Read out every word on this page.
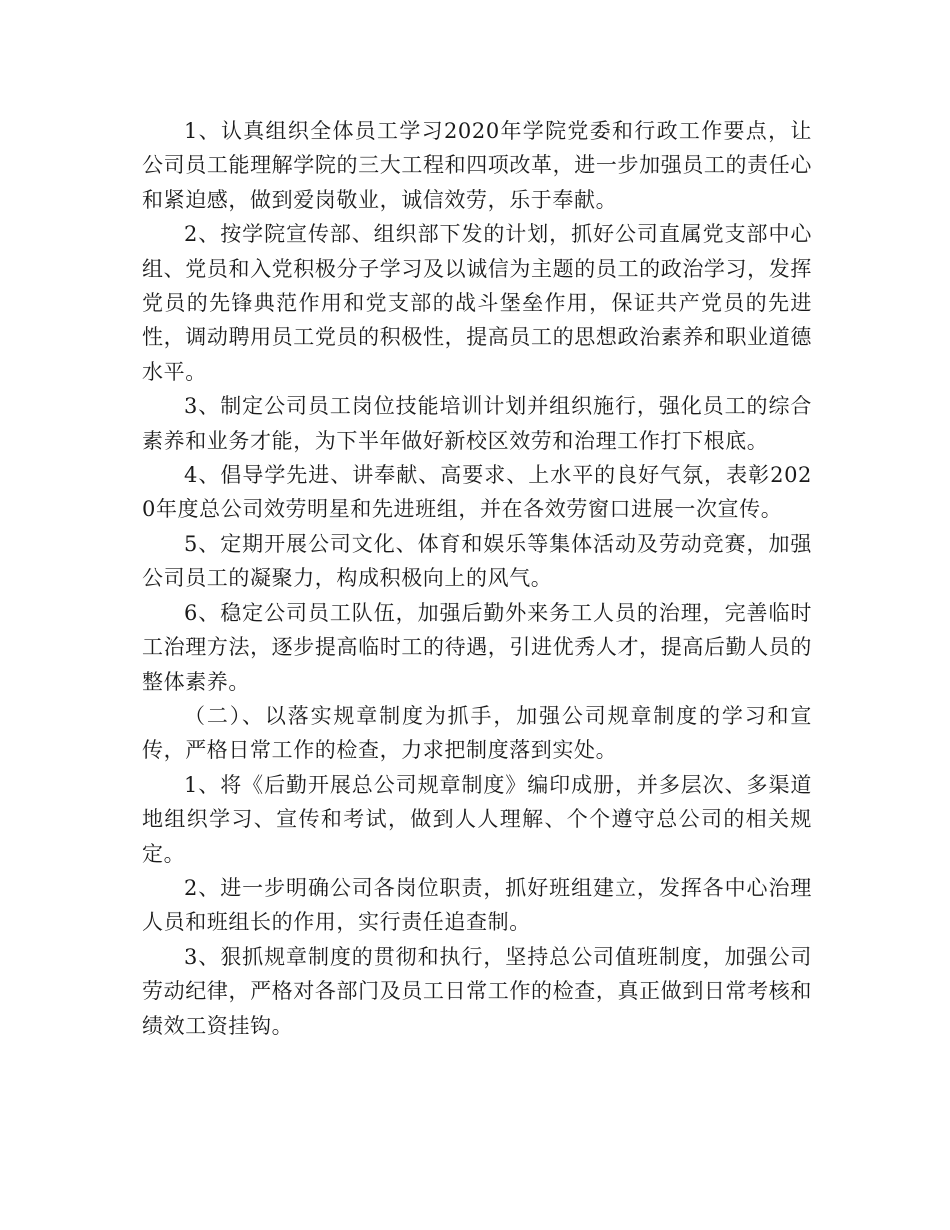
1、认真组织全体员工学习2020年学院党委和行政工作要点，让公司员工能理解学院的三大工程和四项改革，进一步加强员工的责任心和紧迫感，做到爱岗敬业，诚信效劳，乐于奉献。

2、按学院宣传部、组织部下发的计划，抓好公司直属党支部中心组、党员和入党积极分子学习及以诚信为主题的员工的政治学习，发挥党员的先锋典范作用和党支部的战斗堡垒作用，保证共产党员的先进性，调动聘用员工党员的积极性，提高员工的思想政治素养和职业道德水平。

3、制定公司员工岗位技能培训计划并组织施行，强化员工的综合素养和业务才能，为下半年做好新校区效劳和治理工作打下根底。

4、倡导学先进、讲奉献、高要求、上水平的良好气氛，表彰2020年度总公司效劳明星和先进班组，并在各效劳窗口进展一次宣传。

5、定期开展公司文化、体育和娱乐等集体活动及劳动竞赛，加强公司员工的凝聚力，构成积极向上的风气。

6、稳定公司员工队伍，加强后勤外来务工人员的治理，完善临时工治理方法，逐步提高临时工的待遇，引进优秀人才，提高后勤人员的整体素养。

（二）、以落实规章制度为抓手，加强公司规章制度的学习和宣传，严格日常工作的检查，力求把制度落到实处。

1、将《后勤开展总公司规章制度》编印成册，并多层次、多渠道地组织学习、宣传和考试，做到人人理解、个个遵守总公司的相关规定。

2、进一步明确公司各岗位职责，抓好班组建立，发挥各中心治理人员和班组长的作用，实行责任追查制。

3、狠抓规章制度的贯彻和执行，坚持总公司值班制度，加强公司劳动纪律，严格对各部门及员工日常工作的检查，真正做到日常考核和绩效工资挂钩。
